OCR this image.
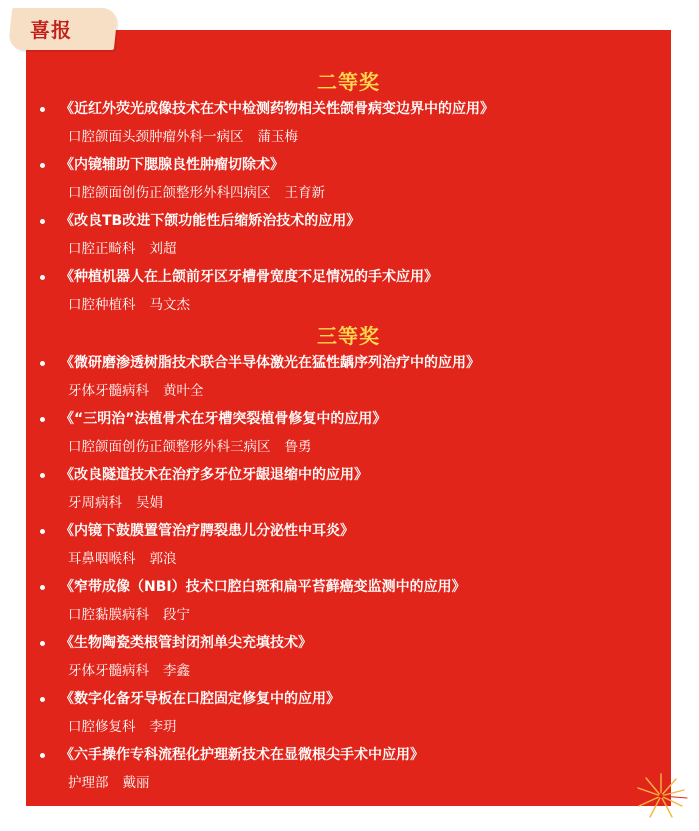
喜报
二等奖
《近红外荧光成像技术在术中检测药物相关性颌骨病变边界中的应用》
口腔颌面头颈肿瘤外科一病区 蒲玉梅
《内镜辅助下腮腺良性肿瘤切除术》
口腔颌面创伤正颌整形外科四病区 王育新
《改良TB改进下颌功能性后缩矫治技术的应用》
口腔正畸科 刘超
《种植机器人在上颌前牙区牙槽骨宽度不足情况的手术应用》
口腔种植科 马文杰
三等奖
《微研磨渗透树脂技术联合半导体激光在猛性龋序列治疗中的应用》
牙体牙髓病科 黄叶全
《“三明治”法植骨术在牙槽突裂植骨修复中的应用》
口腔颌面创伤正颌整形外科三病区 鲁勇
《改良隧道技术在治疗多牙位牙龈退缩中的应用》
牙周病科 吴娟
《内镜下鼓膜置管治疗腭裂患儿分泌性中耳炎》
耳鼻咽喉科 郭浪
《窄带成像（NBI）技术口腔白斑和扁平苔藓癌变监测中的应用》
口腔黏膜病科 段宁
《生物陶瓷类根管封闭剂单尖充填技术》
牙体牙髓病科 李鑫
《数字化备牙导板在口腔固定修复中的应用》
口腔修复科 李玥
《六手操作专科流程化护理新技术在显微根尖手术中应用》
护理部 戴丽
